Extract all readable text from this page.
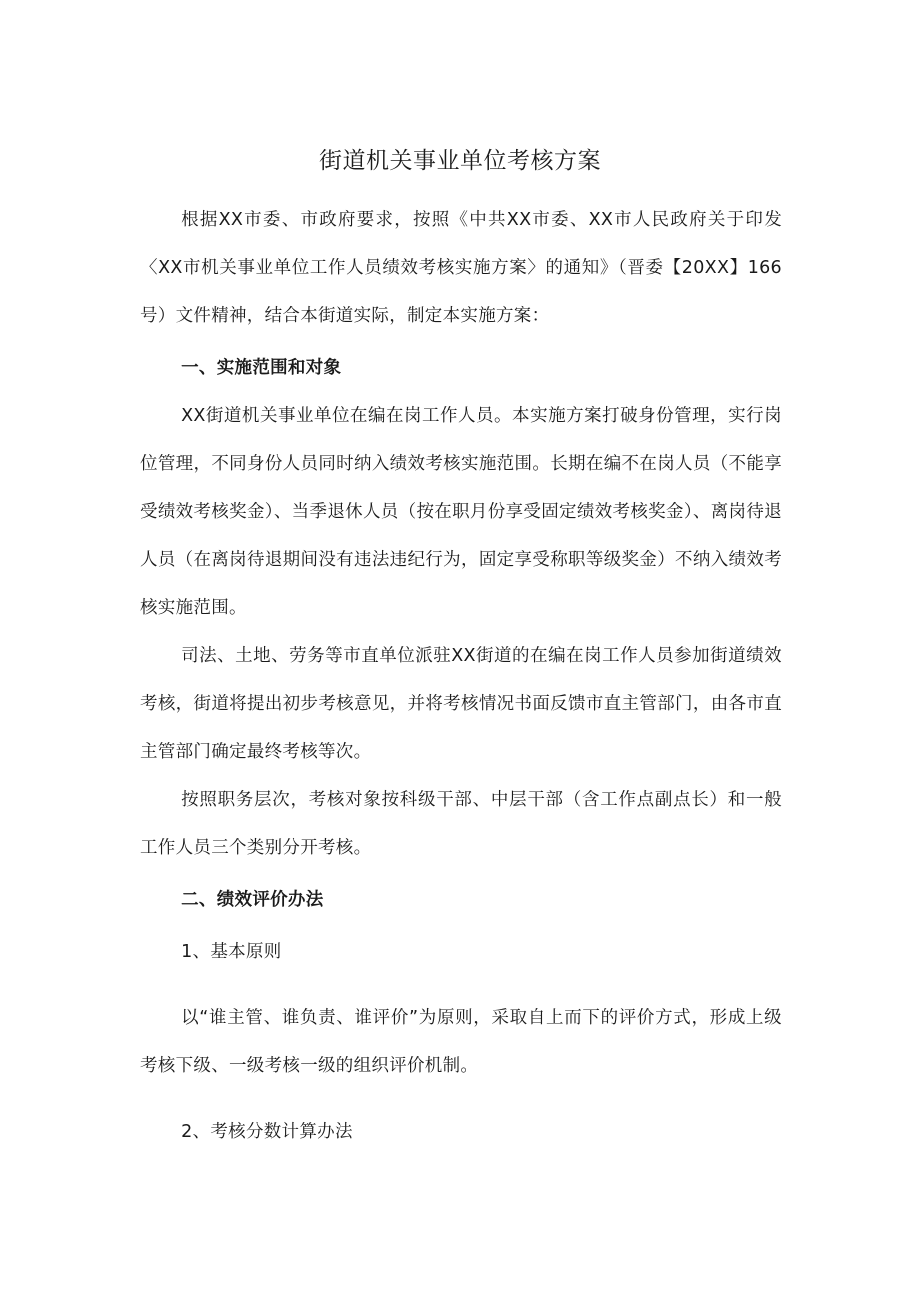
街道机关事业单位考核方案

根据XX市委、市政府要求，按照《中共XX市委、XX市人民政府关于印发〈XX市机关事业单位工作人员绩效考核实施方案〉的通知》（晋委【20XX】166号）文件精神，结合本街道实际，制定本实施方案：

一、实施范围和对象

XX街道机关事业单位在编在岗工作人员。本实施方案打破身份管理，实行岗位管理，不同身份人员同时纳入绩效考核实施范围。长期在编不在岗人员（不能享受绩效考核奖金）、当季退休人员（按在职月份享受固定绩效考核奖金）、离岗待退人员（在离岗待退期间没有违法违纪行为，固定享受称职等级奖金）不纳入绩效考核实施范围。

司法、土地、劳务等市直单位派驻XX街道的在编在岗工作人员参加街道绩效考核，街道将提出初步考核意见，并将考核情况书面反馈市直主管部门，由各市直主管部门确定最终考核等次。

按照职务层次，考核对象按科级干部、中层干部（含工作点副点长）和一般工作人员三个类别分开考核。

二、绩效评价办法

1、基本原则

以“谁主管、谁负责、谁评价”为原则，采取自上而下的评价方式，形成上级考核下级、一级考核一级的组织评价机制。

2、考核分数计算办法
